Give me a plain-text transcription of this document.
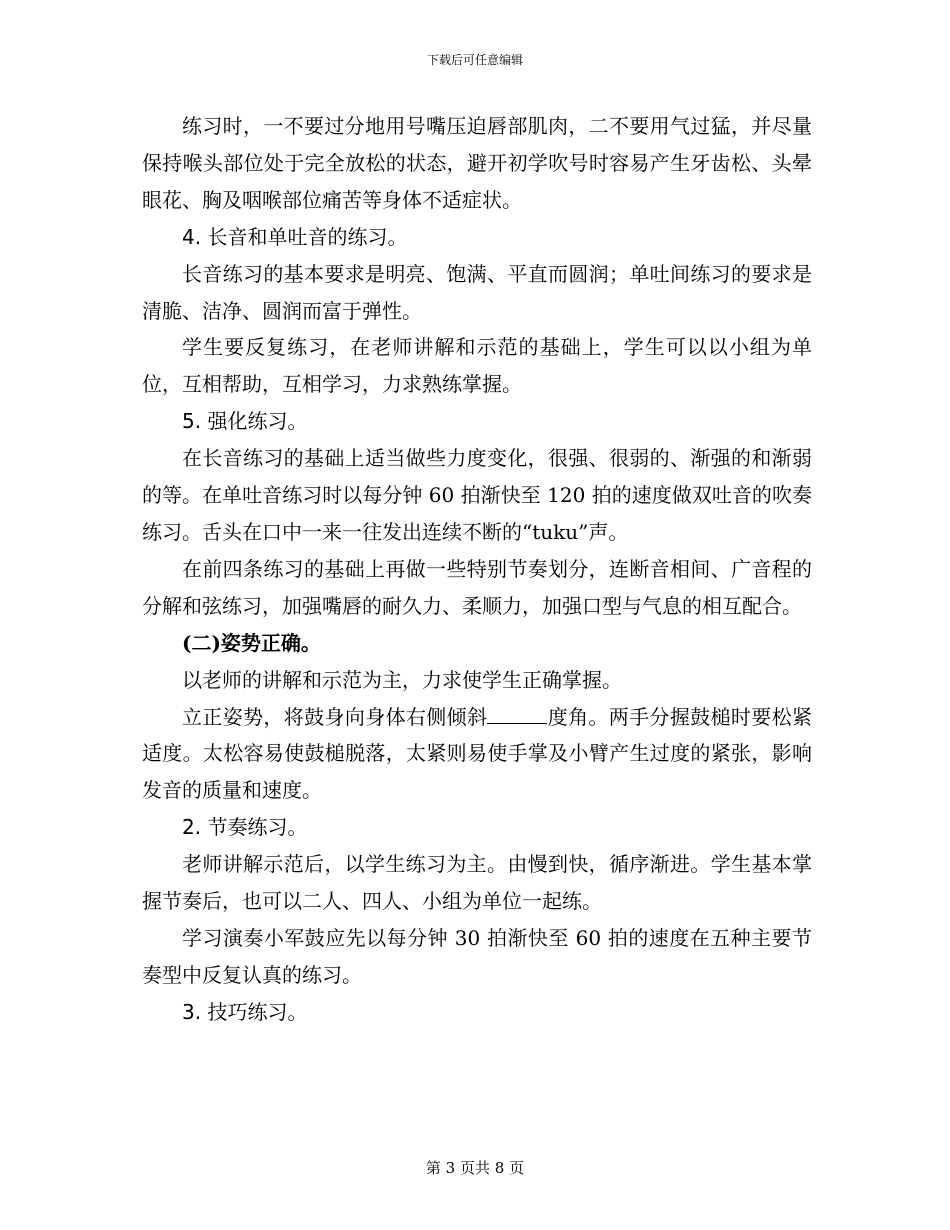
下载后可任意编辑

练习时，一不要过分地用号嘴压迫唇部肌肉，二不要用气过猛，并尽量保持喉头部位处于完全放松的状态，避开初学吹号时容易产生牙齿松、头晕眼花、胸及咽喉部位痛苦等身体不适症状。

4. 长音和单吐音的练习。

长音练习的基本要求是明亮、饱满、平直而圆润；单吐间练习的要求是清脆、洁净、圆润而富于弹性。

学生要反复练习，在老师讲解和示范的基础上，学生可以以小组为单位，互相帮助，互相学习，力求熟练掌握。

5. 强化练习。

在长音练习的基础上适当做些力度变化，很强、很弱的、渐强的和渐弱的等。在单吐音练习时以每分钟 60 拍渐快至 120 拍的速度做双吐音的吹奏练习。舌头在口中一来一往发出连续不断的“tuku”声。

在前四条练习的基础上再做一些特别节奏划分，连断音相间、广音程的分解和弦练习，加强嘴唇的耐久力、柔顺力，加强口型与气息的相互配合。

(二)姿势正确。

以老师的讲解和示范为主，力求使学生正确掌握。

立正姿势，将鼓身向身体右侧倾斜	度角。两手分握鼓槌时要松紧适度。太松容易使鼓槌脱落，太紧则易使手掌及小臂产生过度的紧张，影响发音的质量和速度。

2. 节奏练习。

老师讲解示范后，以学生练习为主。由慢到快，循序渐进。学生基本掌握节奏后，也可以二人、四人、小组为单位一起练。

学习演奏小军鼓应先以每分钟 30 拍渐快至 60 拍的速度在五种主要节奏型中反复认真的练习。

3. 技巧练习。

第 3 页共 8 页
